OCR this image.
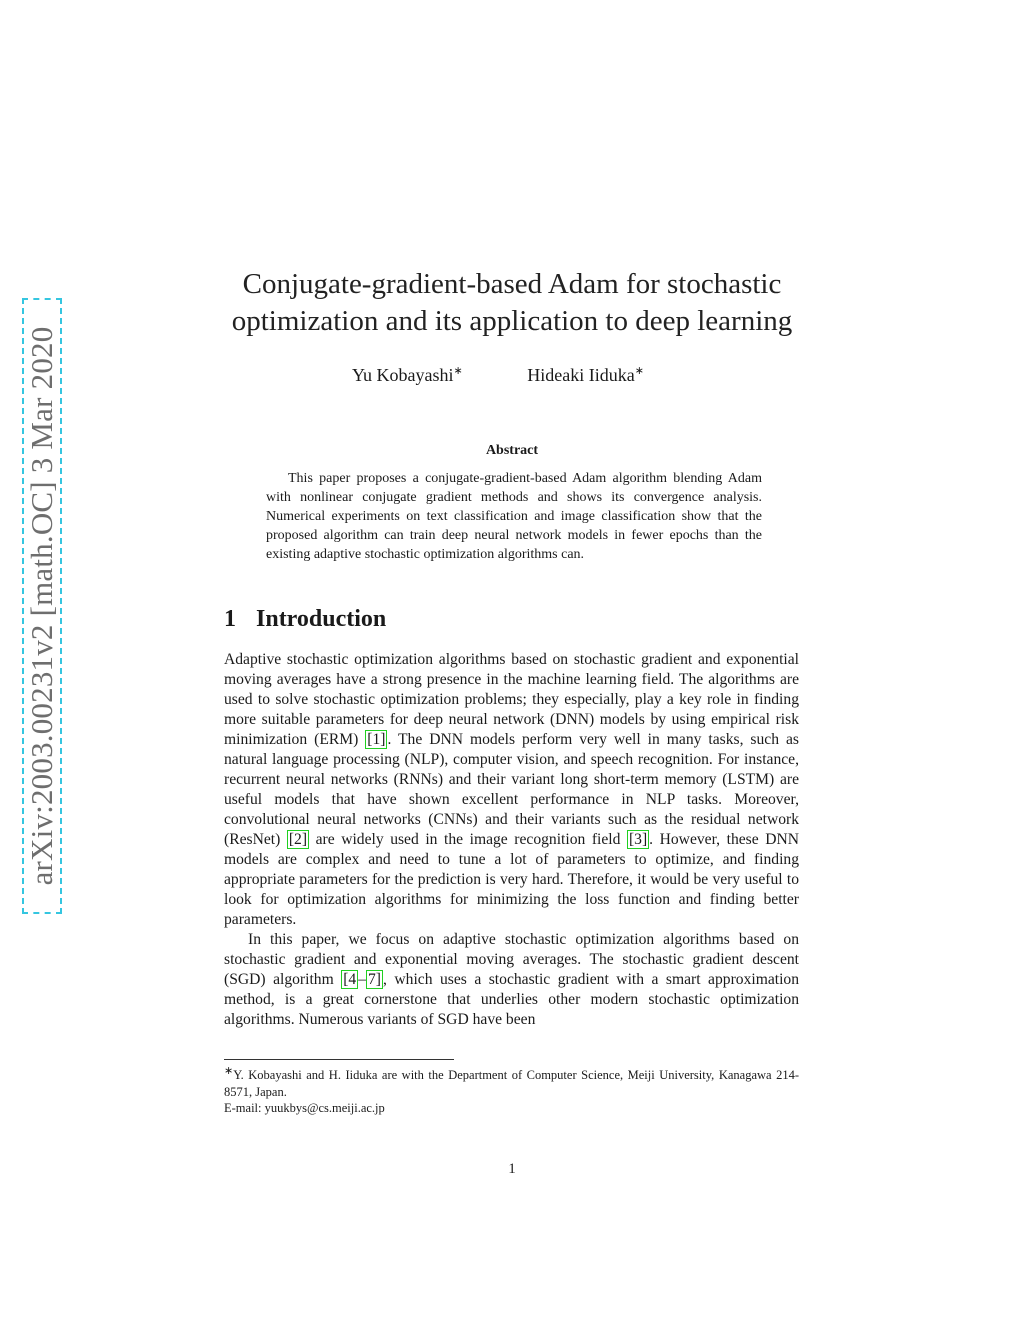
arXiv:2003.00231v2 [math.OC] 3 Mar 2020
Conjugate-gradient-based Adam for stochastic
optimization and its application to deep learning
Yu Kobayashi∗	Hideaki Iiduka∗
Abstract
This paper proposes a conjugate-gradient-based Adam algorithm blending Adam with nonlinear conjugate gradient methods and shows its convergence analysis. Numerical experiments on text classification and image classification show that the proposed algorithm can train deep neural network models in fewer epochs than the existing adaptive stochastic optimization algorithms can.
1 Introduction

Adaptive stochastic optimization algorithms based on stochastic gradient and exponential moving averages have a strong presence in the machine learning field. The algorithms are used to solve stochastic optimization problems; they especially, play a key role in finding more suitable parameters for deep neural network (DNN) models by using empirical risk minimization (ERM) [1] . The DNN models perform very well in many tasks, such as natural language processing (NLP), computer vision, and speech recognition. For instance, recurrent neural networks (RNNs) and their variant long short-term memory (LSTM) are useful models that have shown excellent performance in NLP tasks. Moreover, convolutional neural networks (CNNs) and their variants such as the residual network (ResNet) [2] are widely used in the image recognition field [3] . However, these DNN models are complex and need to tune a lot of parameters to optimize, and finding appropriate parameters for the prediction is very hard. Therefore, it would be very useful to look for optimization algorithms for minimizing the loss function and finding better parameters.

In this paper, we focus on adaptive stochastic optimization algorithms based on stochastic gradient and exponential moving averages. The stochastic gradient descent (SGD) algorithm [4 – 7] , which uses a stochastic gradient with a smart approximation method, is a great cornerstone that underlies other modern stochastic optimization algorithms. Numerous variants of SGD have been

∗Y. Kobayashi and H. Iiduka are with the Department of Computer Science, Meiji University, Kanagawa 214-8571, Japan.

E-mail: yuukbys@cs.meiji.ac.jp

1
